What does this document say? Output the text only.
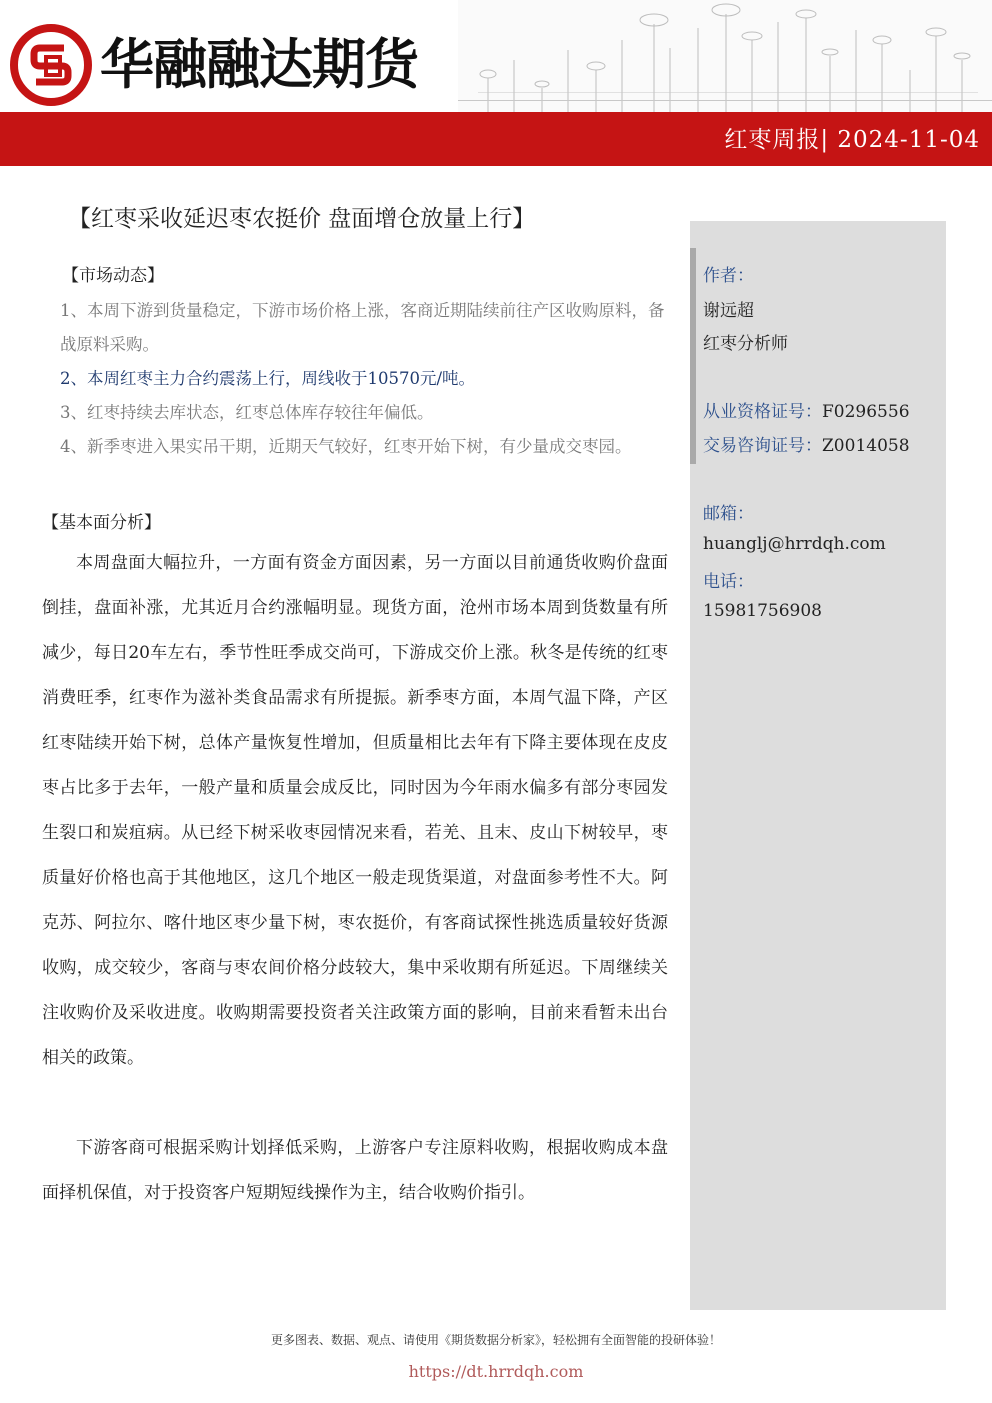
华融融达期货
红枣周报| 2024-11-04
【红枣采收延迟枣农挺价 盘面增仓放量上行】
【市场动态】
1、本周下游到货量稳定，下游市场价格上涨，客商近期陆续前往产区收购原料，备战原料采购。
2、本周红枣主力合约震荡上行，周线收于10570元/吨。
3、红枣持续去库状态，红枣总体库存较往年偏低。
4、新季枣进入果实吊干期，近期天气较好，红枣开始下树，有少量成交枣园。
【基本面分析】

本周盘面大幅拉升，一方面有资金方面因素，另一方面以目前通货收购价盘面倒挂，盘面补涨，尤其近月合约涨幅明显。现货方面，沧州市场本周到货数量有所减少，每日20车左右，季节性旺季成交尚可，下游成交价上涨。秋冬是传统的红枣消费旺季，红枣作为滋补类食品需求有所提振。新季枣方面，本周气温下降，产区红枣陆续开始下树，总体产量恢复性增加，但质量相比去年有下降主要体现在皮皮枣占比多于去年，一般产量和质量会成反比，同时因为今年雨水偏多有部分枣园发生裂口和炭疽病。从已经下树采收枣园情况来看，若羌、且末、皮山下树较早，枣质量好价格也高于其他地区，这几个地区一般走现货渠道，对盘面参考性不大。阿克苏、阿拉尔、喀什地区枣少量下树，枣农挺价，有客商试探性挑选质量较好货源收购，成交较少，客商与枣农间价格分歧较大，集中采收期有所延迟。下周继续关注收购价及采收进度。收购期需要投资者关注政策方面的影响，目前来看暂未出台相关的政策。

下游客商可根据采购计划择低采购，上游客户专注原料收购，根据收购成本盘面择机保值，对于投资客户短期短线操作为主，结合收购价指引。

作者：
谢远超
红枣分析师
从业资格证号：F0296556
交易咨询证号：Z0014058
邮箱：
huanglj@hrrdqh.com
电话：
15981756908
更多图表、数据、观点、请使用《期货数据分析家》，轻松拥有全面智能的投研体验！
https://dt.hrrdqh.com
